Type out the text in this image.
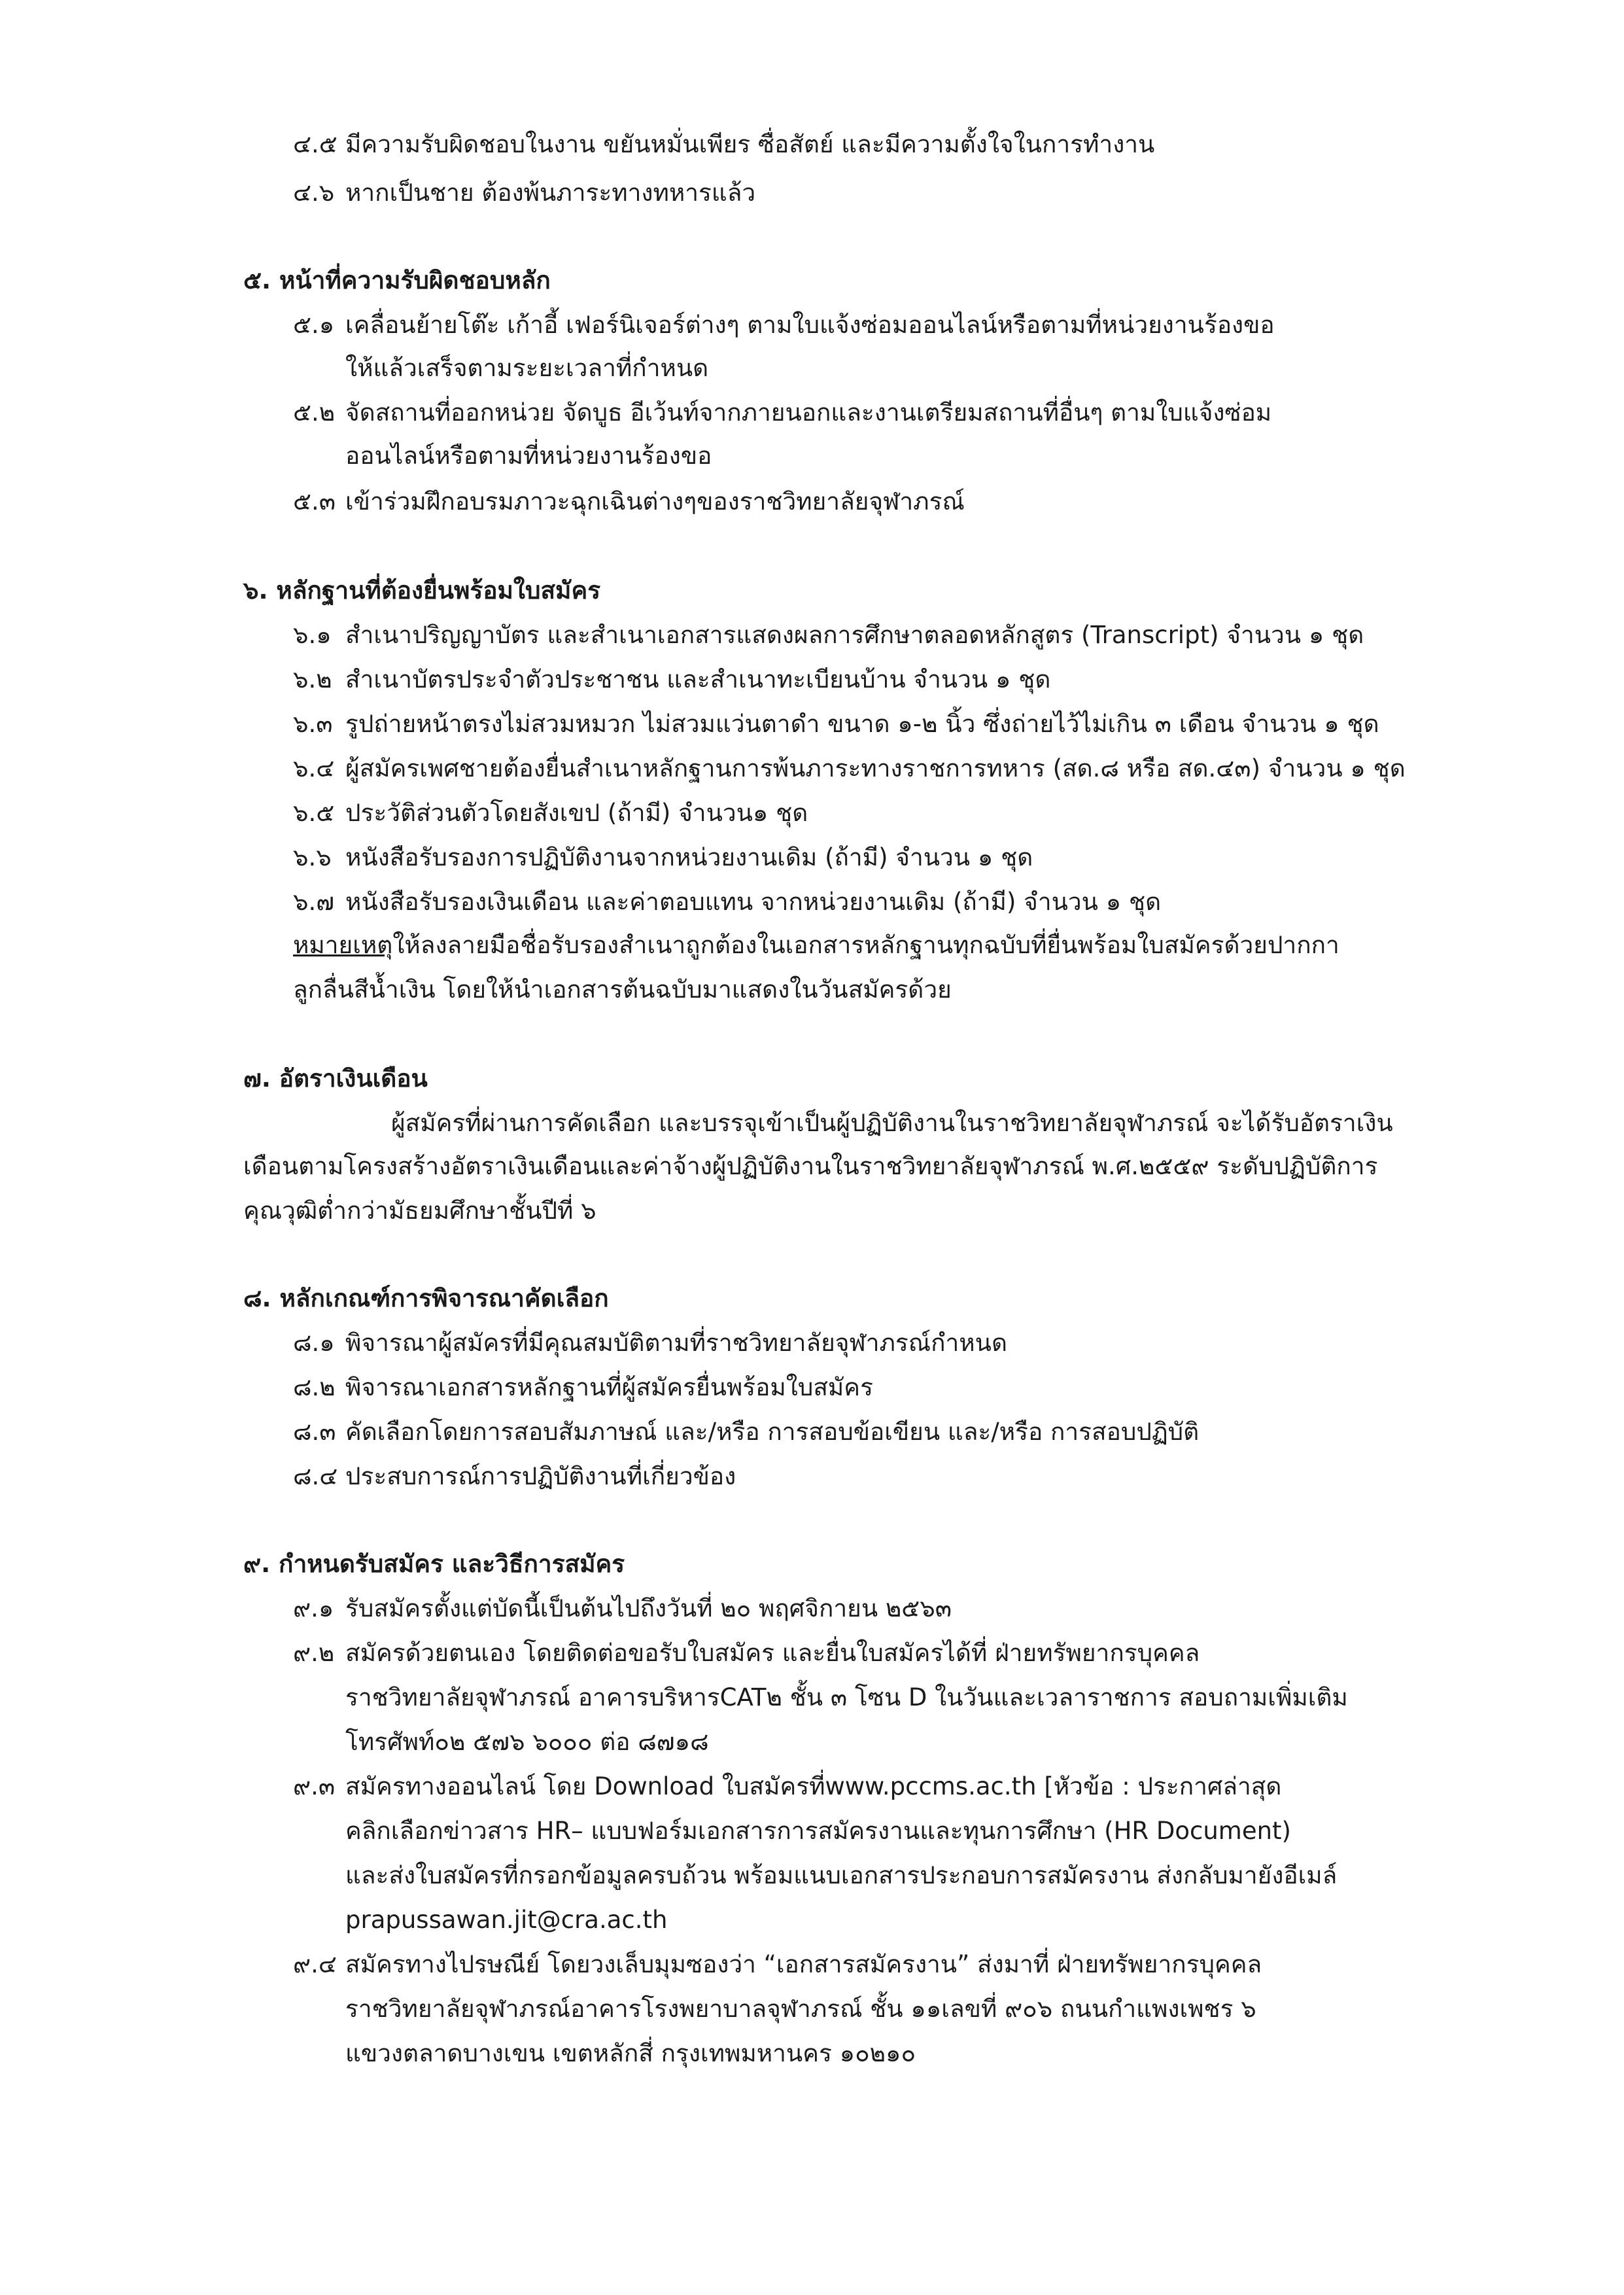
๔.๕ มีความรับผิดชอบในงาน ขยันหมั่นเพียร ซื่อสัตย์ และมีความตั้งใจในการทำงาน
๔.๖ หากเป็นชาย ต้องพ้นภาระทางทหารแล้ว
๕. หน้าที่ความรับผิดชอบหลัก
๕.๑ เคลื่อนย้ายโต๊ะ เก้าอี้ เฟอร์นิเจอร์ต่างๆ ตามใบแจ้งซ่อมออนไลน์หรือตามที่หน่วยงานร้องขอ
ให้แล้วเสร็จตามระยะเวลาที่กำหนด
๕.๒ จัดสถานที่ออกหน่วย จัดบูธ อีเว้นท์จากภายนอกและงานเตรียมสถานที่อื่นๆ ตามใบแจ้งซ่อม
ออนไลน์หรือตามที่หน่วยงานร้องขอ
๕.๓ เข้าร่วมฝึกอบรมภาวะฉุกเฉินต่างๆของราชวิทยาลัยจุฬาภรณ์
๖. หลักฐานที่ต้องยื่นพร้อมใบสมัคร
๖.๑ สำเนาปริญญาบัตร และสำเนาเอกสารแสดงผลการศึกษาตลอดหลักสูตร (Transcript) จำนวน ๑ ชุด
๖.๒ สำเนาบัตรประจำตัวประชาชน และสำเนาทะเบียนบ้าน จำนวน ๑ ชุด
๖.๓ รูปถ่ายหน้าตรงไม่สวมหมวก ไม่สวมแว่นตาดำ ขนาด ๑-๒ นิ้ว ซึ่งถ่ายไว้ไม่เกิน ๓ เดือน จำนวน ๑ ชุด
๖.๔ ผู้สมัครเพศชายต้องยื่นสำเนาหลักฐานการพ้นภาระทางราชการทหาร (สด.๘ หรือ สด.๔๓) จำนวน ๑ ชุด
๖.๕ ประวัติส่วนตัวโดยสังเขป (ถ้ามี) จำนวน๑ ชุด
๖.๖ หนังสือรับรองการปฏิบัติงานจากหน่วยงานเดิม (ถ้ามี) จำนวน ๑ ชุด
๖.๗ หนังสือรับรองเงินเดือน และค่าตอบแทน จากหน่วยงานเดิม (ถ้ามี) จำนวน ๑ ชุด
หมายเหตุให้ลงลายมือชื่อรับรองสำเนาถูกต้องในเอกสารหลักฐานทุกฉบับที่ยื่นพร้อมใบสมัครด้วยปากกา
ลูกลื่นสีน้ำเงิน โดยให้นำเอกสารต้นฉบับมาแสดงในวันสมัครด้วย
๗. อัตราเงินเดือน
ผู้สมัครที่ผ่านการคัดเลือก และบรรจุเข้าเป็นผู้ปฏิบัติงานในราชวิทยาลัยจุฬาภรณ์ จะได้รับอัตราเงิน
เดือนตามโครงสร้างอัตราเงินเดือนและค่าจ้างผู้ปฏิบัติงานในราชวิทยาลัยจุฬาภรณ์ พ.ศ.๒๕๕๙ ระดับปฏิบัติการ
คุณวุฒิต่ำกว่ามัธยมศึกษาชั้นปีที่ ๖
๘. หลักเกณฑ์การพิจารณาคัดเลือก
๘.๑ พิจารณาผู้สมัครที่มีคุณสมบัติตามที่ราชวิทยาลัยจุฬาภรณ์กำหนด
๘.๒ พิจารณาเอกสารหลักฐานที่ผู้สมัครยื่นพร้อมใบสมัคร
๘.๓ คัดเลือกโดยการสอบสัมภาษณ์ และ/หรือ การสอบข้อเขียน และ/หรือ การสอบปฏิบัติ
๘.๔ ประสบการณ์การปฏิบัติงานที่เกี่ยวข้อง
๙. กำหนดรับสมัคร และวิธีการสมัคร
๙.๑ รับสมัครตั้งแต่บัดนี้เป็นต้นไปถึงวันที่ ๒๐ พฤศจิกายน ๒๕๖๓
๙.๒ สมัครด้วยตนเอง โดยติดต่อขอรับใบสมัคร และยื่นใบสมัครได้ที่ ฝ่ายทรัพยากรบุคคล
ราชวิทยาลัยจุฬาภรณ์ อาคารบริหารCAT๒ ชั้น ๓ โซน D ในวันและเวลาราชการ สอบถามเพิ่มเติม
โทรศัพท์๐๒ ๕๗๖ ๖๐๐๐ ต่อ ๘๗๑๘
๙.๓ สมัครทางออนไลน์ โดย Download ใบสมัครที่www.pccms.ac.th [หัวข้อ : ประกาศล่าสุด
คลิกเลือกข่าวสาร HR– แบบฟอร์มเอกสารการสมัครงานและทุนการศึกษา (HR Document)
และส่งใบสมัครที่กรอกข้อมูลครบถ้วน พร้อมแนบเอกสารประกอบการสมัครงาน ส่งกลับมายังอีเมล์
prapussawan.jit@cra.ac.th
๙.๔ สมัครทางไปรษณีย์ โดยวงเล็บมุมซองว่า “เอกสารสมัครงาน” ส่งมาที่ ฝ่ายทรัพยากรบุคคล
ราชวิทยาลัยจุฬาภรณ์อาคารโรงพยาบาลจุฬาภรณ์ ชั้น ๑๑เลขที่ ๙๐๖ ถนนกำแพงเพชร ๖
แขวงตลาดบางเขน เขตหลักสี่ กรุงเทพมหานคร ๑๐๒๑๐
